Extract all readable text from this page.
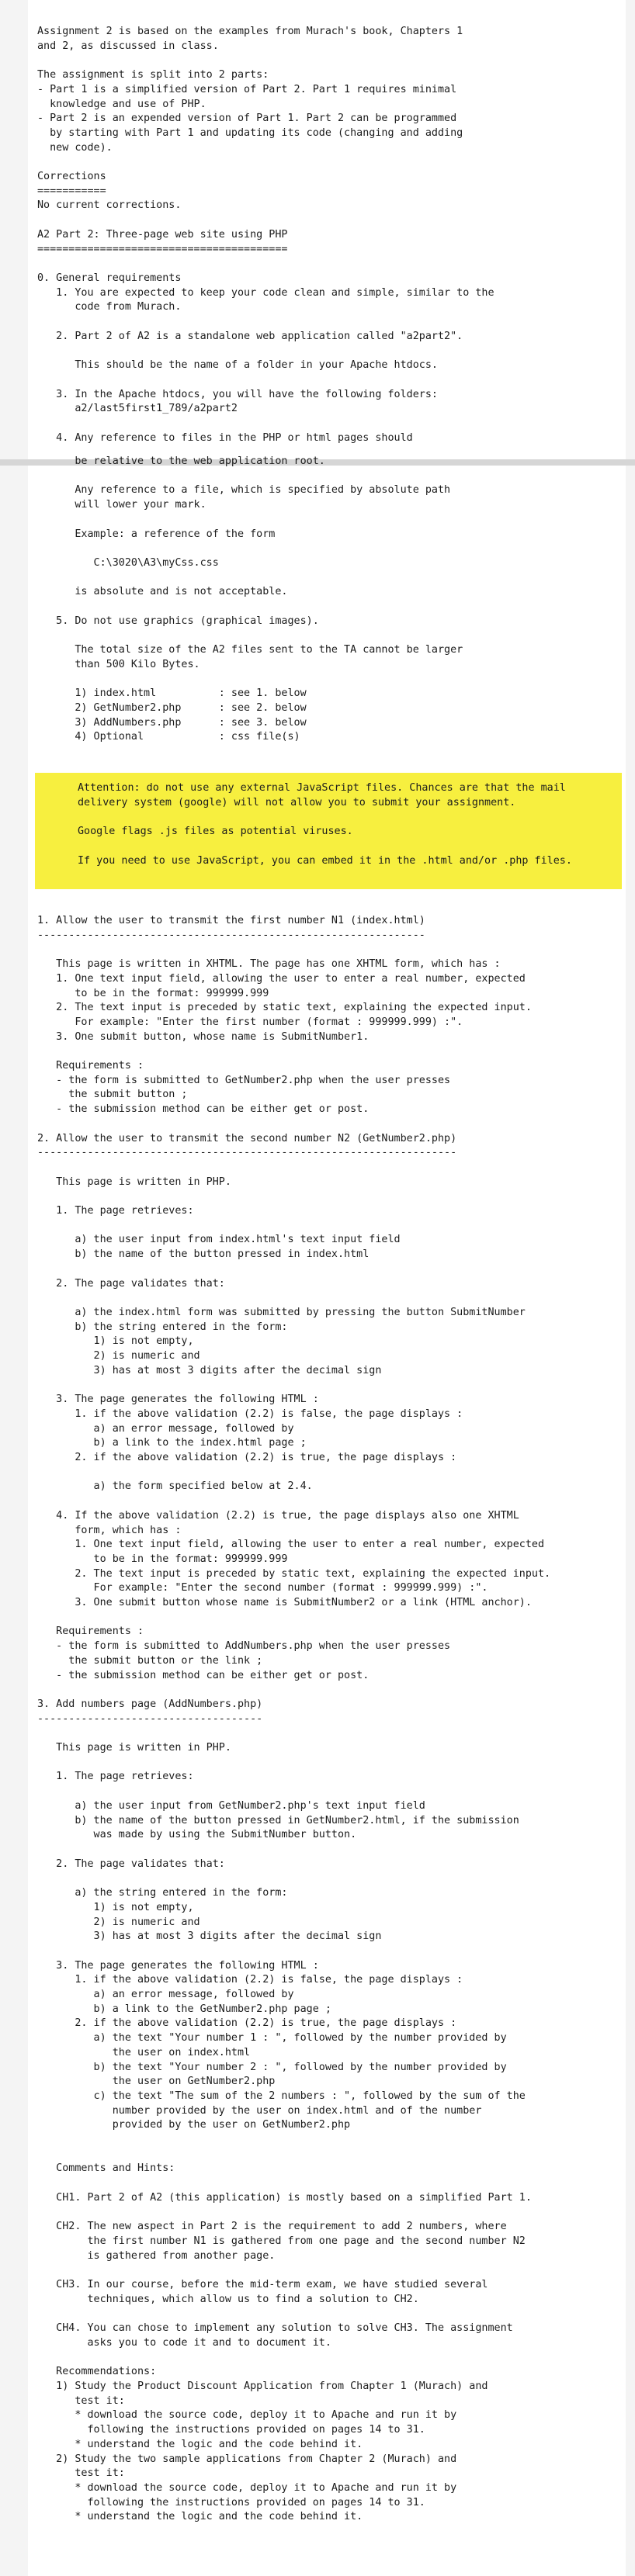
Assignment 2 is based on the examples from Murach's book, Chapters 1
and 2, as discussed in class.

The assignment is split into 2 parts:
- Part 1 is a simplified version of Part 2. Part 1 requires minimal
knowledge and use of PHP.
- Part 2 is an expended version of Part 1. Part 2 can be programmed
by starting with Part 1 and updating its code (changing and adding
new code).

Corrections
===========
No current corrections.

A2 Part 2: Three-page web site using PHP
========================================

0. General requirements
1. You are expected to keep your code clean and simple, similar to the
code from Murach.

2. Part 2 of A2 is a standalone web application called "a2part2".

This should be the name of a folder in your Apache htdocs.

3. In the Apache htdocs, you will have the following folders:
a2/last5first1_789/a2part2

4. Any reference to files in the PHP or html pages should
be relative to the web application root.

Any reference to a file, which is specified by absolute path
will lower your mark.

Example: a reference of the form

C:\3020\A3\myCss.css

is absolute and is not acceptable.

5. Do not use graphics (graphical images).

The total size of the A2 files sent to the TA cannot be larger
than 500 Kilo Bytes.

1) index.html          : see 1. below
2) GetNumber2.php      : see 2. below
3) AddNumbers.php      : see 3. below
4) Optional            : css file(s)
Attention: do not use any external JavaScript files. Chances are that the mail
delivery system (google) will not allow you to submit your assignment.

Google flags .js files as potential viruses.

If you need to use JavaScript, you can embed it in the .html and/or .php files.
1. Allow the user to transmit the first number N1 (index.html)
--------------------------------------------------------------

This page is written in XHTML. The page has one XHTML form, which has :
1. One text input field, allowing the user to enter a real number, expected
to be in the format: 999999.999
2. The text input is preceded by static text, explaining the expected input.
For example: "Enter the first number (format : 999999.999) :".
3. One submit button, whose name is SubmitNumber1.

Requirements :
- the form is submitted to GetNumber2.php when the user presses
the submit button ;
- the submission method can be either get or post.

2. Allow the user to transmit the second number N2 (GetNumber2.php)
-------------------------------------------------------------------

This page is written in PHP.

1. The page retrieves:

a) the user input from index.html's text input field
b) the name of the button pressed in index.html

2. The page validates that:

a) the index.html form was submitted by pressing the button SubmitNumber
b) the string entered in the form:
1) is not empty,
2) is numeric and
3) has at most 3 digits after the decimal sign

3. The page generates the following HTML :
1. if the above validation (2.2) is false, the page displays :
a) an error message, followed by
b) a link to the index.html page ;
2. if the above validation (2.2) is true, the page displays :

a) the form specified below at 2.4.

4. If the above validation (2.2) is true, the page displays also one XHTML
form, which has :
1. One text input field, allowing the user to enter a real number, expected
to be in the format: 999999.999
2. The text input is preceded by static text, explaining the expected input.
For example: "Enter the second number (format : 999999.999) :".
3. One submit button whose name is SubmitNumber2 or a link (HTML anchor).

Requirements :
- the form is submitted to AddNumbers.php when the user presses
the submit button or the link ;
- the submission method can be either get or post.

3. Add numbers page (AddNumbers.php)
------------------------------------

This page is written in PHP.

1. The page retrieves:

a) the user input from GetNumber2.php's text input field
b) the name of the button pressed in GetNumber2.html, if the submission
was made by using the SubmitNumber button.

2. The page validates that:

a) the string entered in the form:
1) is not empty,
2) is numeric and
3) has at most 3 digits after the decimal sign

3. The page generates the following HTML :
1. if the above validation (2.2) is false, the page displays :
a) an error message, followed by
b) a link to the GetNumber2.php page ;
2. if the above validation (2.2) is true, the page displays :
a) the text "Your number 1 : ", followed by the number provided by
the user on index.html
b) the text "Your number 2 : ", followed by the number provided by
the user on GetNumber2.php
c) the text "The sum of the 2 numbers : ", followed by the sum of the
number provided by the user on index.html and of the number
provided by the user on GetNumber2.php

Comments and Hints:

CH1. Part 2 of A2 (this application) is mostly based on a simplified Part 1.

CH2. The new aspect in Part 2 is the requirement to add 2 numbers, where
the first number N1 is gathered from one page and the second number N2
is gathered from another page.

CH3. In our course, before the mid-term exam, we have studied several
techniques, which allow us to find a solution to CH2.

CH4. You can chose to implement any solution to solve CH3. The assignment
asks you to code it and to document it.

Recommendations:
1) Study the Product Discount Application from Chapter 1 (Murach) and
test it:
* download the source code, deploy it to Apache and run it by
following the instructions provided on pages 14 to 31.
* understand the logic and the code behind it.
2) Study the two sample applications from Chapter 2 (Murach) and
test it:
* download the source code, deploy it to Apache and run it by
following the instructions provided on pages 14 to 31.
* understand the logic and the code behind it.
